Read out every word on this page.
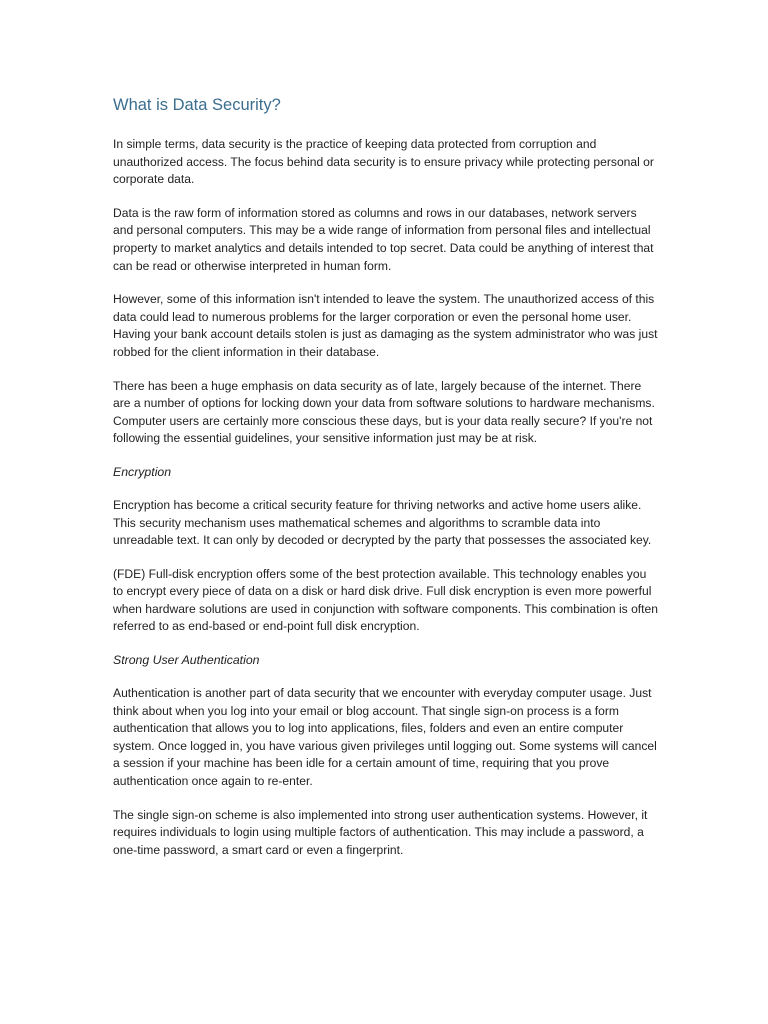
What is Data Security?

In simple terms, data security is the practice of keeping data protected from corruption and unauthorized access. The focus behind data security is to ensure privacy while protecting personal or corporate data.

Data is the raw form of information stored as columns and rows in our databases, network servers and personal computers. This may be a wide range of information from personal files and intellectual property to market analytics and details intended to top secret. Data could be anything of interest that can be read or otherwise interpreted in human form.

However, some of this information isn't intended to leave the system. The unauthorized access of this data could lead to numerous problems for the larger corporation or even the personal home user. Having your bank account details stolen is just as damaging as the system administrator who was just robbed for the client information in their database.

There has been a huge emphasis on data security as of late, largely because of the internet. There are a number of options for locking down your data from software solutions to hardware mechanisms. Computer users are certainly more conscious these days, but is your data really secure? If you're not following the essential guidelines, your sensitive information just may be at risk.

Encryption

Encryption has become a critical security feature for thriving networks and active home users alike. This security mechanism uses mathematical schemes and algorithms to scramble data into unreadable text. It can only by decoded or decrypted by the party that possesses the associated key.

(FDE) Full-disk encryption offers some of the best protection available. This technology enables you to encrypt every piece of data on a disk or hard disk drive. Full disk encryption is even more powerful when hardware solutions are used in conjunction with software components. This combination is often referred to as end-based or end-point full disk encryption.

Strong User Authentication

Authentication is another part of data security that we encounter with everyday computer usage. Just think about when you log into your email or blog account. That single sign-on process is a form authentication that allows you to log into applications, files, folders and even an entire computer system. Once logged in, you have various given privileges until logging out. Some systems will cancel a session if your machine has been idle for a certain amount of time, requiring that you prove authentication once again to re-enter.

The single sign-on scheme is also implemented into strong user authentication systems. However, it requires individuals to login using multiple factors of authentication. This may include a password, a one-time password, a smart card or even a fingerprint.
